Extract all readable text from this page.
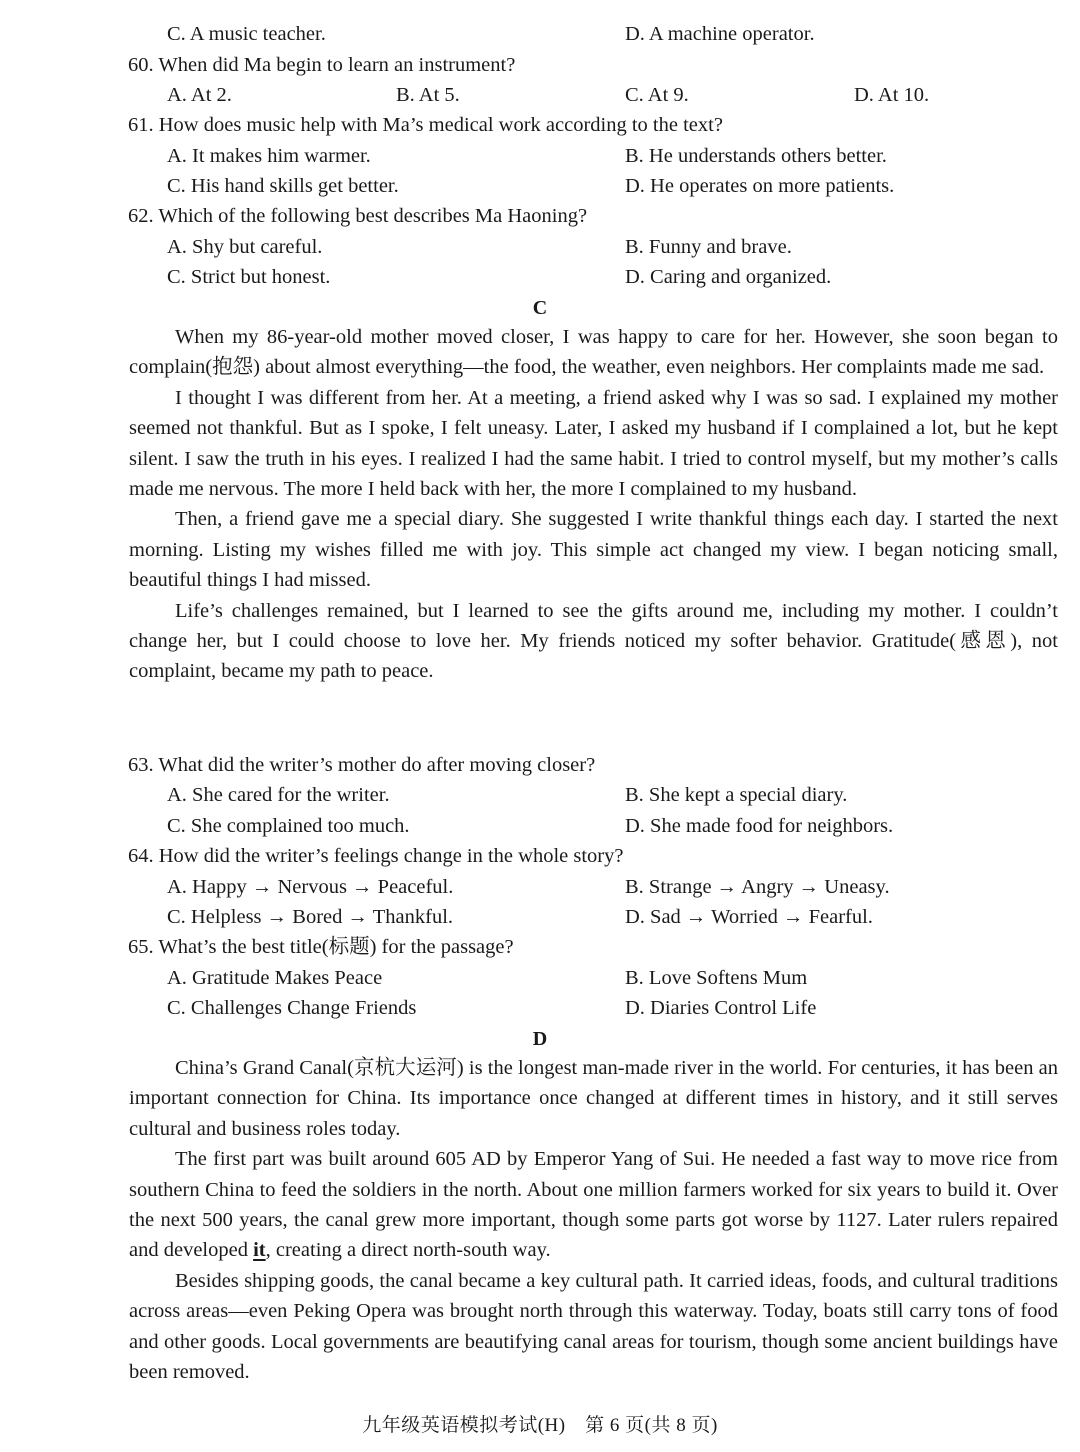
C. A music teacher.	D. A machine operator.
60. When did Ma begin to learn an instrument?
A. At 2.	B. At 5.	C. At 9.	D. At 10.
61. How does music help with Ma’s medical work according to the text?
A. It makes him warmer.	B. He understands others better.
C. His hand skills get better.	D. He operates on more patients.
62. Which of the following best describes Ma Haoning?
A. Shy but careful.	B. Funny and brave.
C. Strict but honest.	D. Caring and organized.
C

When my 86-year-old mother moved closer, I was happy to care for her. However, she soon began to complain(抱怨) about almost everything—the food, the weather, even neighbors. Her complaints made me sad.

I thought I was different from her. At a meeting, a friend asked why I was so sad. I explained my mother seemed not thankful. But as I spoke, I felt uneasy. Later, I asked my husband if I complained a lot, but he kept silent. I saw the truth in his eyes. I realized I had the same habit. I tried to control myself, but my mother’s calls made me nervous. The more I held back with her, the more I complained to my husband.

Then, a friend gave me a special diary. She suggested I write thankful things each day. I started the next morning. Listing my wishes filled me with joy. This simple act changed my view. I began noticing small, beautiful things I had missed.

Life’s challenges remained, but I learned to see the gifts around me, including my mother. I couldn’t change her, but I could choose to love her. My friends noticed my softer behavior. Gratitude(感恩), not complaint, became my path to peace.

63. What did the writer’s mother do after moving closer?
A. She cared for the writer.	B. She kept a special diary.
C. She complained too much.	D. She made food for neighbors.
64. How did the writer’s feelings change in the whole story?
A. Happy → Nervous → Peaceful.	B. Strange → Angry → Uneasy.
C. Helpless → Bored → Thankful.	D. Sad → Worried → Fearful.
65. What’s the best title(标题) for the passage?
A. Gratitude Makes Peace	B. Love Softens Mum
C. Challenges Change Friends	D. Diaries Control Life
D

China’s Grand Canal(京杭大运河) is the longest man-made river in the world. For centuries, it has been an important connection for China. Its importance once changed at different times in history, and it still serves cultural and business roles today.

The first part was built around 605 AD by Emperor Yang of Sui. He needed a fast way to move rice from southern China to feed the soldiers in the north. About one million farmers worked for six years to build it. Over the next 500 years, the canal grew more important, though some parts got worse by 1127. Later rulers repaired and developed it, creating a direct north-south way.

Besides shipping goods, the canal became a key cultural path. It carried ideas, foods, and cultural traditions across areas—even Peking Opera was brought north through this waterway. Today, boats still carry tons of food and other goods. Local governments are beautifying canal areas for tourism, though some ancient buildings have been removed.

九年级英语模拟考试(H)　第 6 页(共 8 页)
